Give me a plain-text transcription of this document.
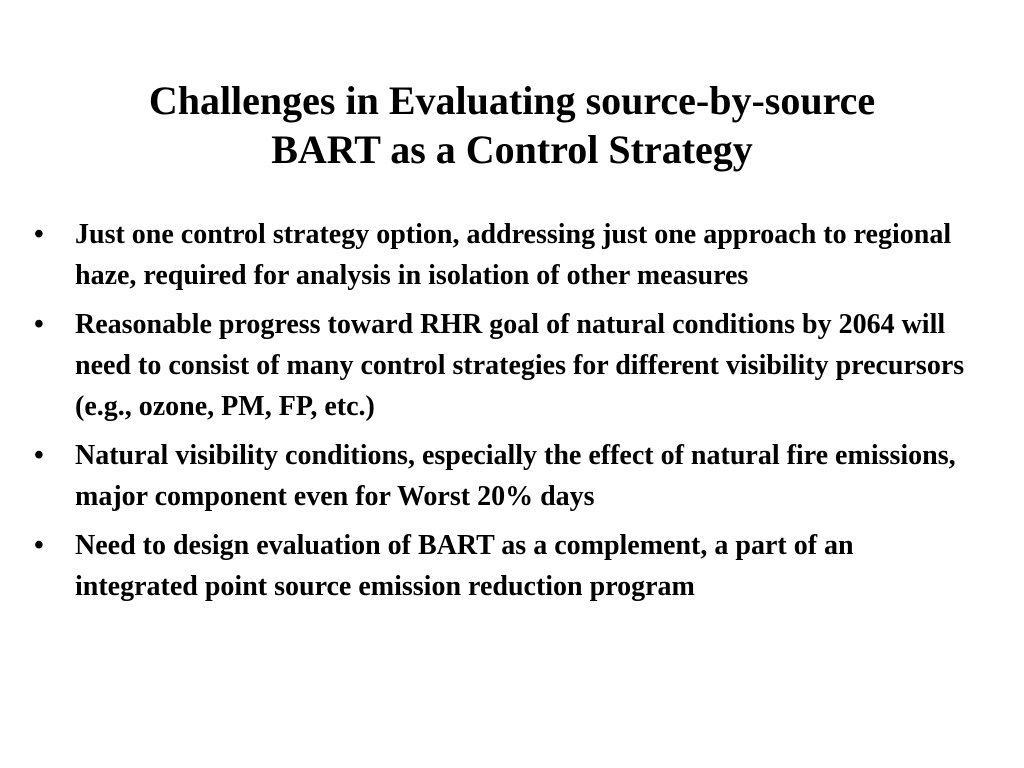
Challenges in Evaluating source-by-source
BART as a Control Strategy
•	Just one control strategy option, addressing just one approach to regional haze, required for analysis in isolation of other measures
•	Reasonable progress toward RHR goal of natural conditions by 2064 will need to consist of many control strategies for different visibility precursors (e.g., ozone, PM, FP, etc.)
•	Natural visibility conditions, especially the effect of natural fire emissions, major component even for Worst 20% days
•	Need to design evaluation of BART as a complement, a part of an integrated point source emission reduction program
